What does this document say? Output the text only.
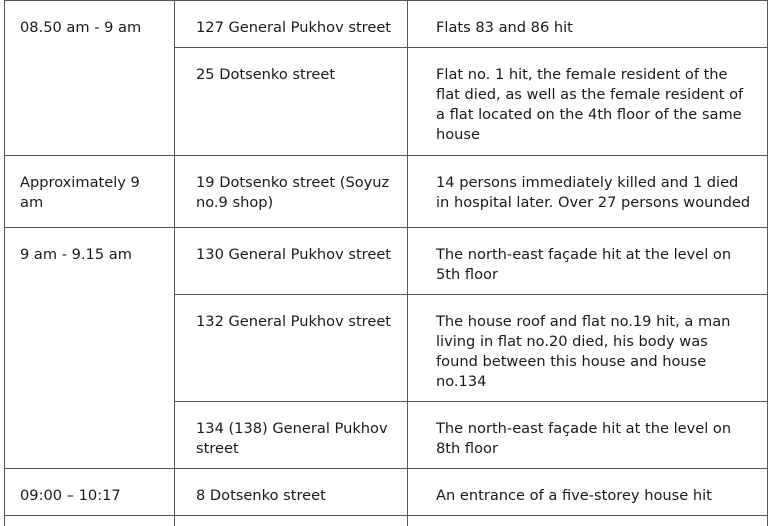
08.50 am - 9 am	127 General Pukhov street	Flats 83 and 86 hit

	25 Dotsenko street	Flat no. 1 hit, the female resident of the flat died, as well as the female resident of a flat located on the 4th floor of the same house

Approximately 9 am	19 Dotsenko street (Soyuz no.9 shop)	14 persons immediately killed and 1 died in hospital later. Over 27 persons wounded

9 am - 9.15 am	130 General Pukhov street	The north-east façade hit at the level on 5th floor

	132 General Pukhov street	The house roof and flat no.19 hit, a man living in flat no.20 died, his body was found between this house and house no.134

	134 (138) General Pukhov street	The north-east façade hit at the level on 8th floor

09:00 – 10:17	8 Dotsenko street	An entrance of a five-storey house hit
